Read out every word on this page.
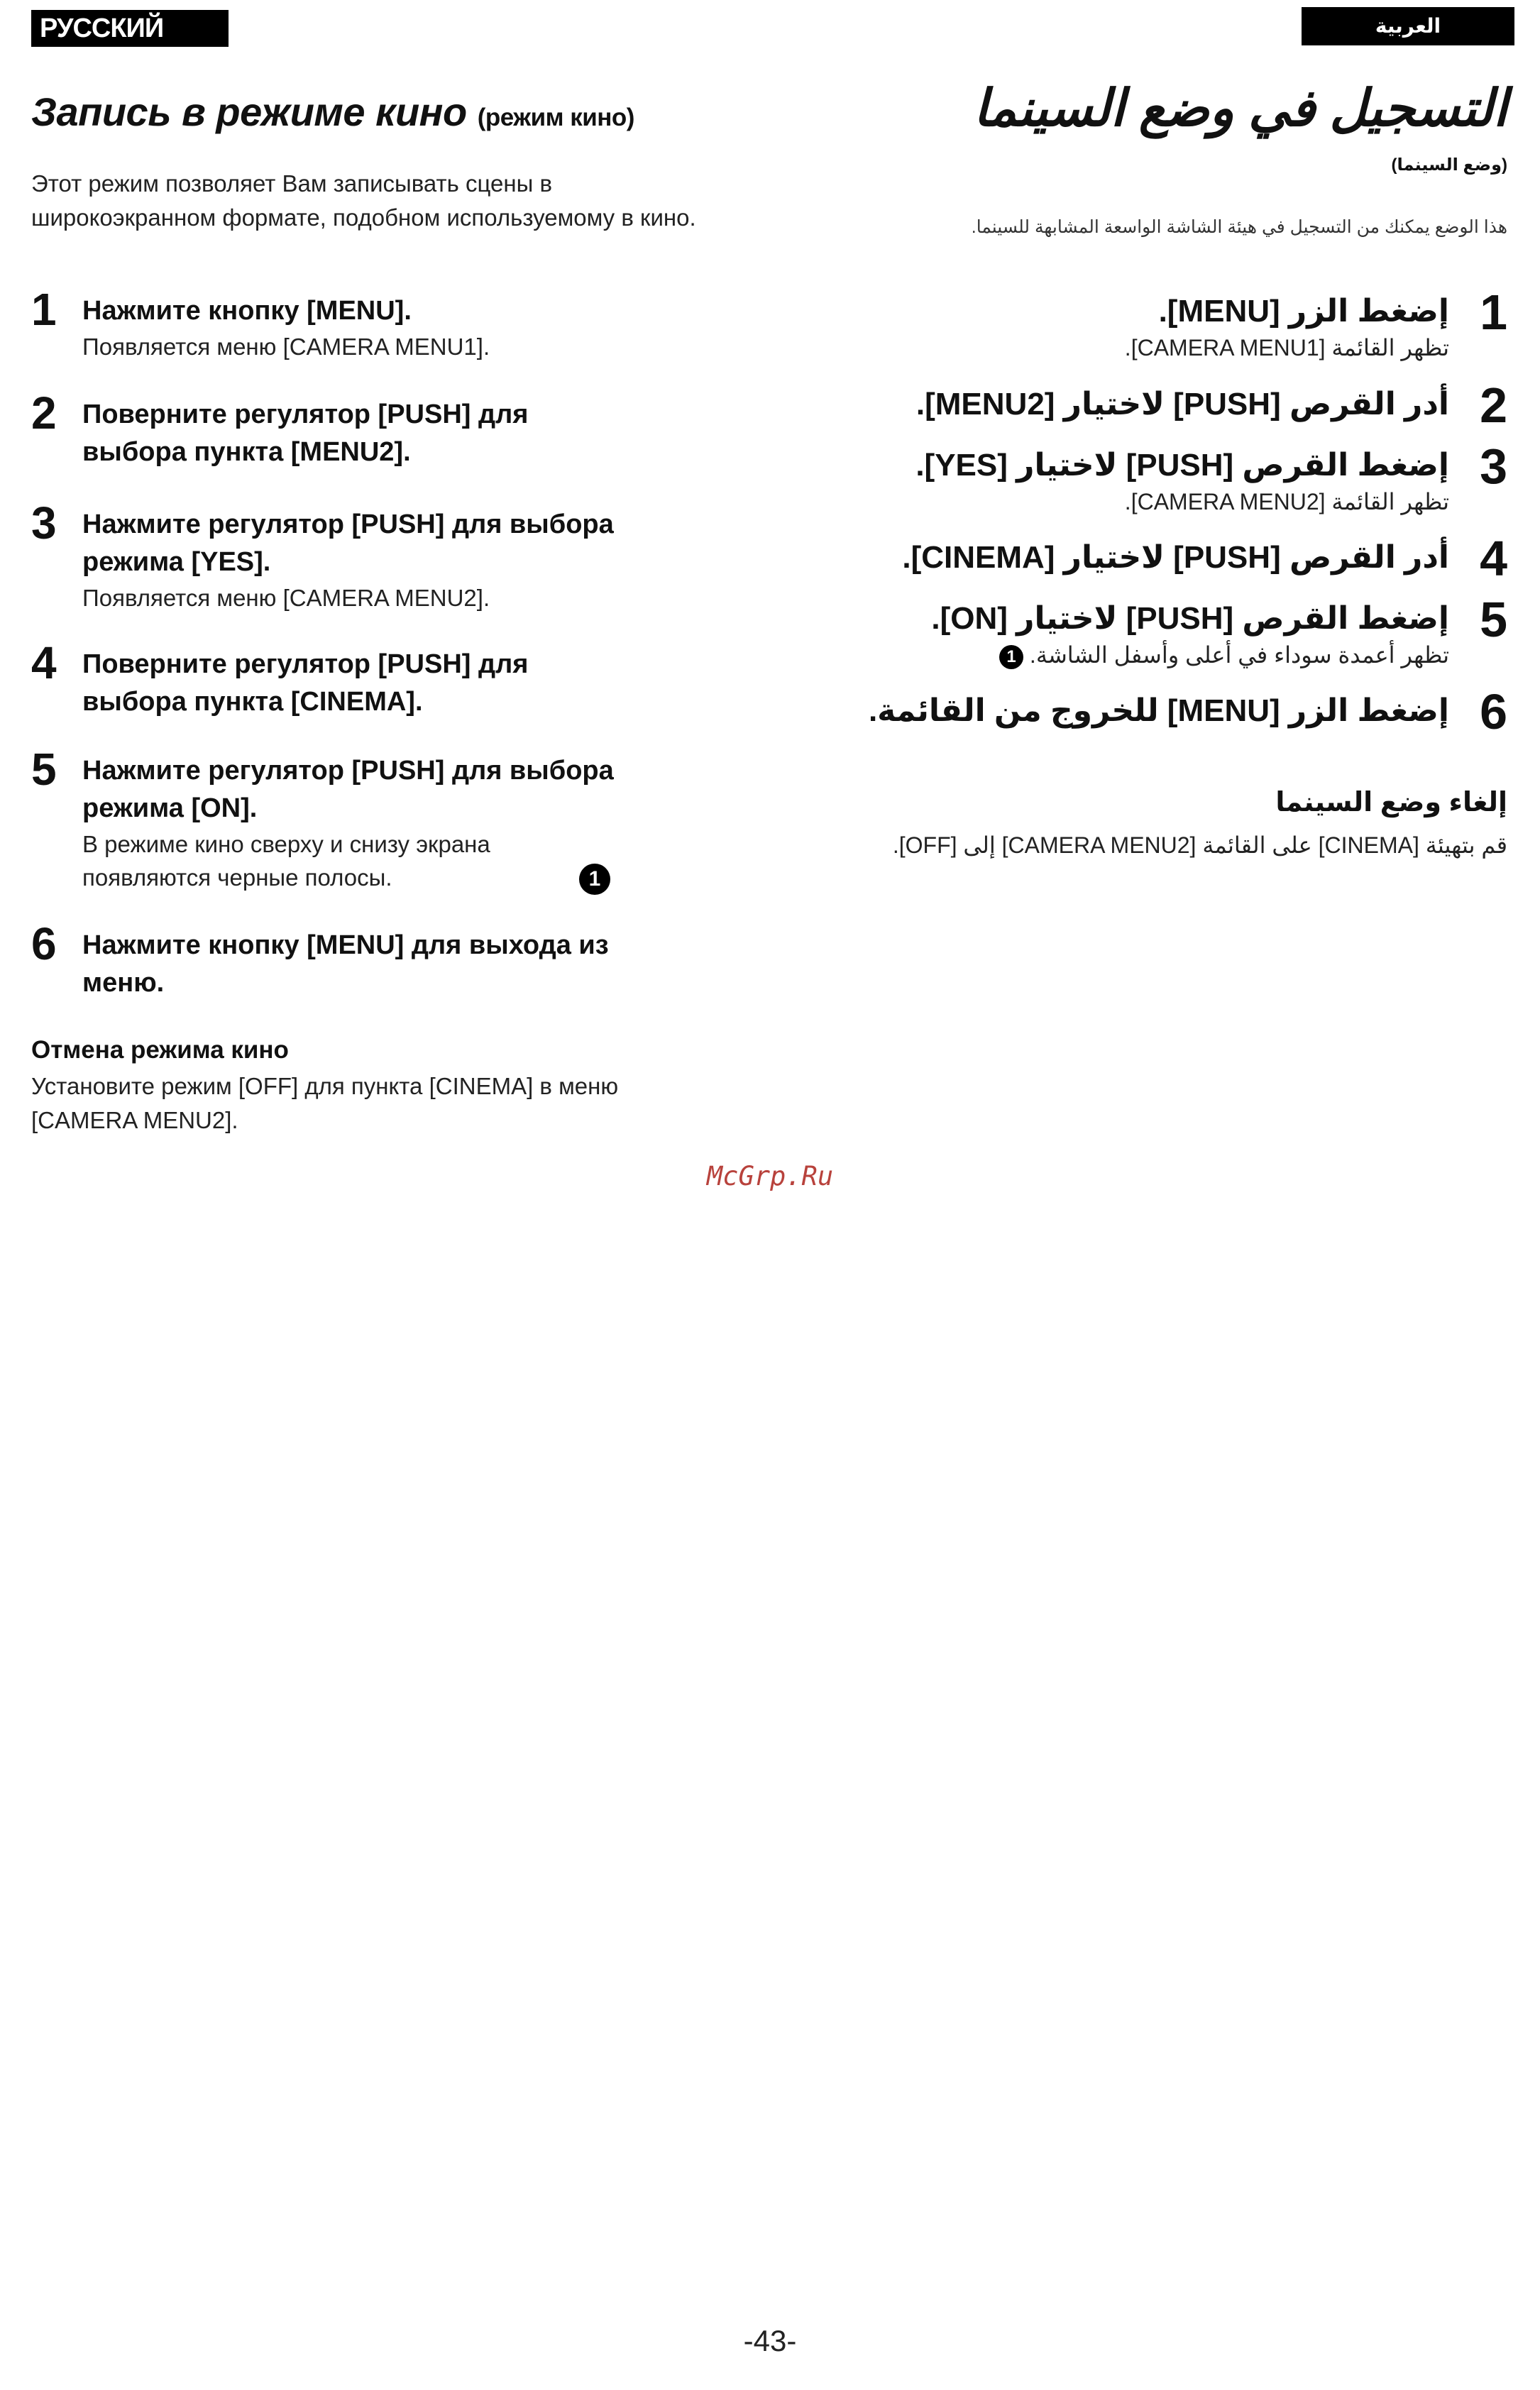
РУССКИЙ ЯЗЫК
العربية
Запись в режиме кино (режим кино)
Этот режим позволяет Вам записывать сцены в широкоэкранном формате, подобном используемому в кино.
1 Нажмите кнопку [MENU].
Появляется меню [CAMERA MENU1].
2 Поверните регулятор [PUSH] для выбора пункта [MENU2].
3 Нажмите регулятор [PUSH] для выбора режима [YES].
Появляется меню [CAMERA MENU2].
4 Поверните регулятор [PUSH] для выбора пункта [CINEMA].
5 Нажмите регулятор [PUSH] для выбора режима [ON].
В режиме кино сверху и снизу экрана появляются черные полосы.	1
6 Нажмите кнопку [MENU] для выхода из меню.
Отмена режима кино
Установите режим [OFF] для пункта [CINEMA] в меню [CAMERA MENU2].
التسجيل في وضع السينما
(وضع السينما)
هذا الوضع يمكنك من التسجيل في هيئة الشاشة الواسعة المشابهة للسينما.
1
إضغط الزر [MENU].
تظهر القائمة [CAMERA MENU1].
2
أدر القرص [PUSH] لاختيار [MENU2].
3
إضغط القرص [PUSH] لاختيار [YES].
تظهر القائمة [CAMERA MENU2].
4
أدر القرص [PUSH] لاختيار [CINEMA].
5
إضغط القرص [PUSH] لاختيار [ON].
تظهر أعمدة سوداء في أعلى وأسفل الشاشة. 1
6
إضغط الزر [MENU] للخروج من القائمة.
إلغاء وضع السينما
قم بتهيئة [CINEMA] على القائمة [CAMERA MENU2] إلى [OFF].
McGrp.Ru
-43-
